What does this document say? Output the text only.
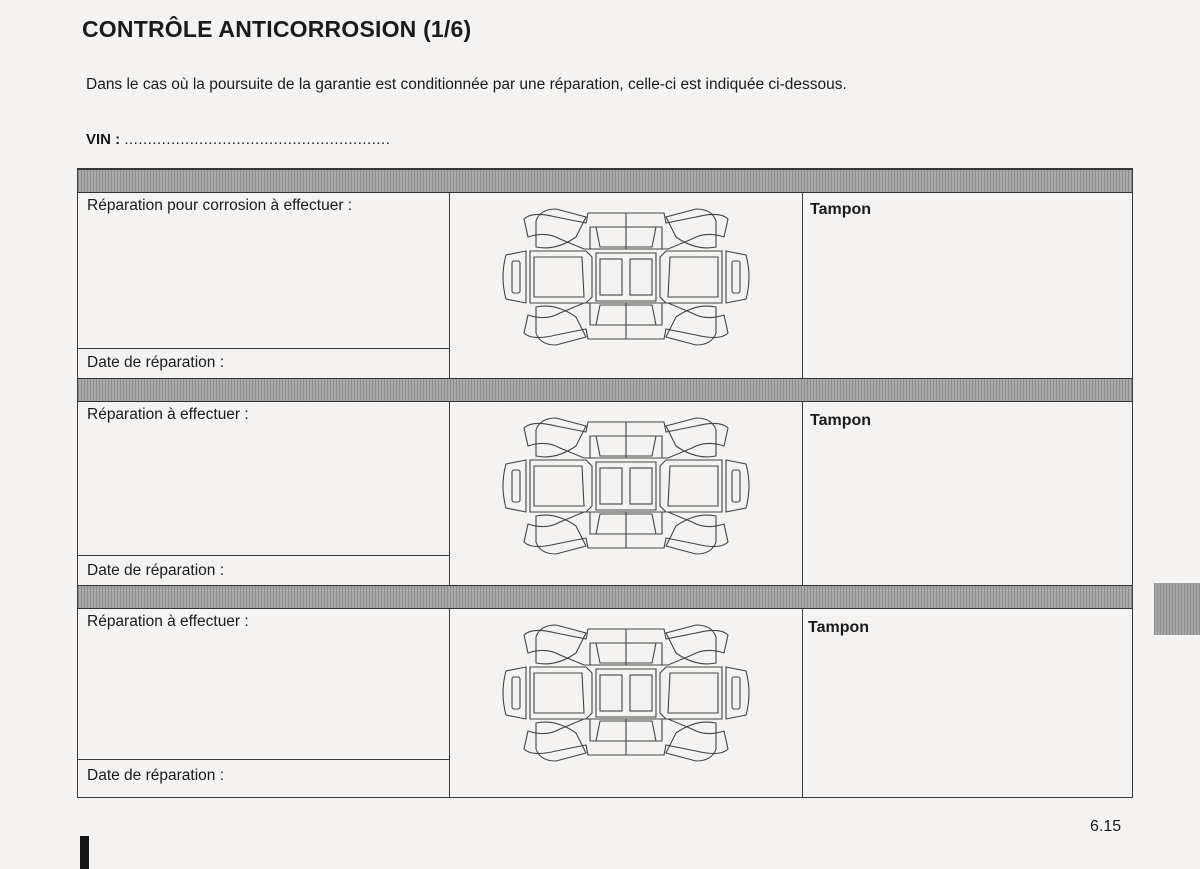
CONTRÔLE ANTICORROSION (1/6)
Dans le cas où la poursuite de la garantie est conditionnée par une réparation, celle-ci est indiquée ci-dessous.
VIN : .........................................................
Réparation pour corrosion à effectuer :
Date de réparation :
Tampon
Réparation à effectuer :
Date de réparation :
Tampon
Réparation à effectuer :
Date de réparation :
Tampon
6.15
